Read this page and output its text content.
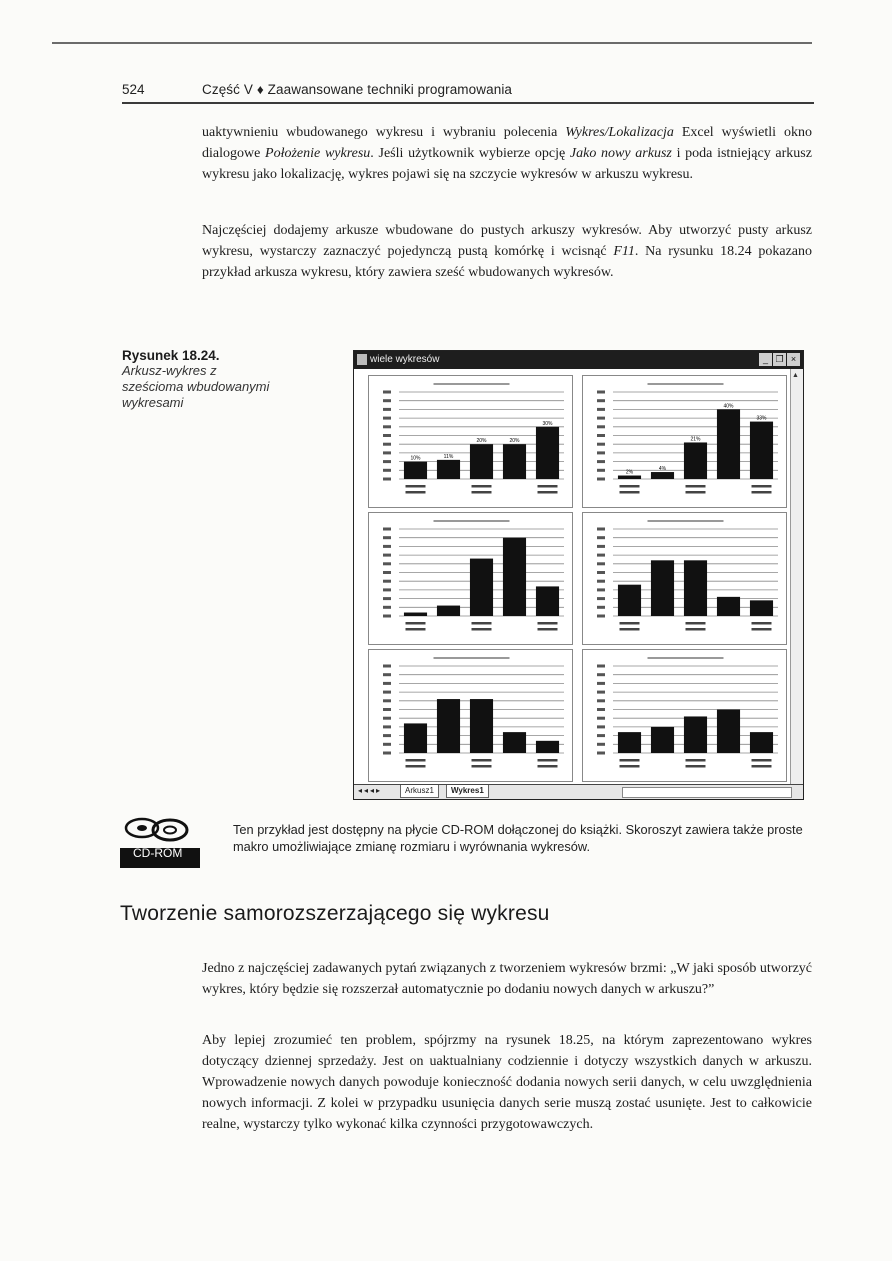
524	Część V ♦ Zaawansowane techniki programowania

uaktywnieniu wbudowanego wykresu i wybraniu polecenia Wykres/Lokalizacja Excel wyświetli okno dialogowe Położenie wykresu. Jeśli użytkownik wybierze opcję Jako nowy arkusz i poda istniejący arkusz wykresu jako lokalizację, wykres pojawi się na szczycie wykresów w arkuszu wykresu.

Najczęściej dodajemy arkusze wbudowane do pustych arkuszy wykresów. Aby utworzyć pusty arkusz wykresu, wystarczy zaznaczyć pojedynczą pustą komórkę i wcisnąć F11. Na rysunku 18.24 pokazano przykład arkusza wykresu, który zawiera sześć wbudowanych wykresów.

Rysunek 18.24.
Arkusz-wykres z sześcioma wbudowanymi wykresami
wiele wykresów	_ ❐ ×
10%	11%
20%	20%
30%
2%
4%
21%
40%
33%
▲
◂◂◂▸	Arkusz1	Wykres1
CD-ROM
Ten przykład jest dostępny na płycie CD-ROM dołączonej do książki. Skoroszyt zawiera także proste makro umożliwiające zmianę rozmiaru i wyrównania wykresów.
Tworzenie samorozszerzającego się wykresu

Jedno z najczęściej zadawanych pytań związanych z tworzeniem wykresów brzmi: „W jaki sposób utworzyć wykres, który będzie się rozszerzał automatycznie po dodaniu nowych danych w arkuszu?”

Aby lepiej zrozumieć ten problem, spójrzmy na rysunek 18.25, na którym zaprezentowano wykres dotyczący dziennej sprzedaży. Jest on uaktualniany codziennie i dotyczy wszystkich danych w arkuszu. Wprowadzenie nowych danych powoduje konieczność dodania nowych serii danych, w celu uwzględnienia nowych informacji. Z kolei w przypadku usunięcia danych serie muszą zostać usunięte. Jest to całkowicie realne, wystarczy tylko wykonać kilka czynności przygotowawczych.
